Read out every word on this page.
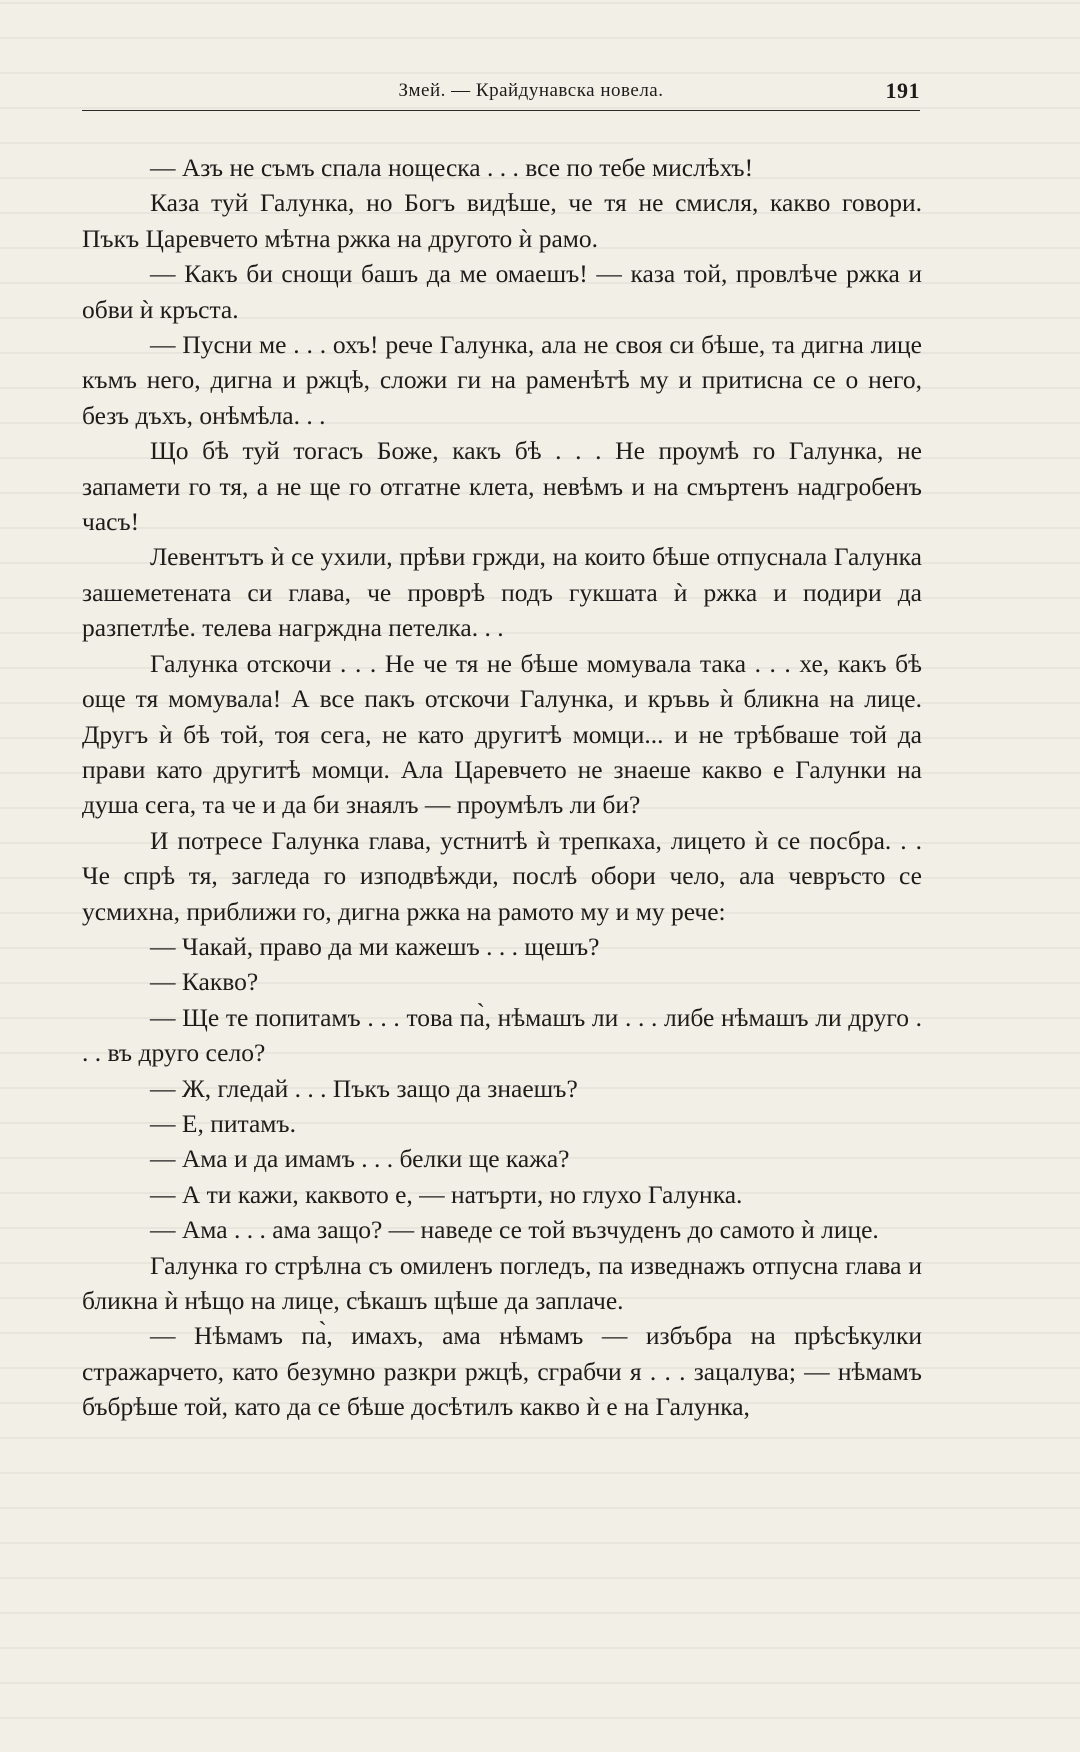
Змей. — Крайдунавска новела.	191

— Азъ не съмъ спала нощеска . . . все по тебе мислѣхъ!

Каза туй Галунка, но Богъ видѣше, че тя не смисля, какво говори. Пъкъ Царевчето мѣтна ржка на другото ѝ рамо.

— Какъ би снощи башъ да ме омаешъ! — каза той, провлѣче ржка и обви ѝ кръста.

— Пусни ме . . . охъ! рече Галунка, ала не своя си бѣше, та дигна лице къмъ него, дигна и ржцѣ, сложи ги на раменѣтѣ му и притисна се о него, безъ дъхъ, онѣмѣла. . .

Що бѣ туй тогасъ Боже, какъ бѣ . . . Не проумѣ го Галунка, не запамети го тя, а не ще го отгатне клета, невѣмъ и на смъртенъ надгробенъ часъ!

Левентътъ ѝ се ухили, прѣви гржди, на които бѣше отпуснала Галунка зашеметената си глава, че проврѣ подъ гукшата ѝ ржка и подири да разпетлѣе. телева нагрждна петелка. . .

Галунка отскочи . . . Не че тя не бѣше момувала така . . . хе, какъ бѣ още тя момувала! А все пакъ отскочи Галунка, и кръвь ѝ бликна на лице. Другъ ѝ бѣ той, тоя сега, не като другитѣ момци... и не трѣбваше той да прави като другитѣ момци. Ала Царевчето не знаеше какво е Галунки на душа сега, та че и да би знаялъ — проумѣлъ ли би?

И потресе Галунка глава, устнитѣ ѝ трепкаха, лицето ѝ се посбра. . . Че спрѣ тя, загледа го изподвѣжди, послѣ обори чело, ала чевръсто се усмихна, приближи го, дигна ржка на рамото му и му рече:

— Чакай, право да ми кажешъ . . . щешъ?

— Какво?

— Ще те попитамъ . . . това па̀, нѣмашъ ли . . . либе нѣмашъ ли друго . . . въ друго село?

— Ж, гледай . . . Пъкъ защо да знаешъ?

— Е, питамъ.

— Ама и да имамъ . . . белки ще кажа?

— А ти кажи, каквото е, — натърти, но глухо Галунка.

— Ама . . . ама защо? — наведе се той възчуденъ до самото ѝ лице.

Галунка го стрѣлна съ омиленъ погледъ, па изведнажъ отпусна глава и бликна ѝ нѣщо на лице, сѣкашъ щѣше да заплаче.

— Нѣмамъ па̀, имахъ, ама нѣмамъ — избъбра на прѣсѣкулки стражарчето, като безумно разкри ржцѣ, сграбчи я . . . зацалува; — нѣмамъ бъбрѣше той, като да се бѣше досѣтилъ какво ѝ е на Галунка,
